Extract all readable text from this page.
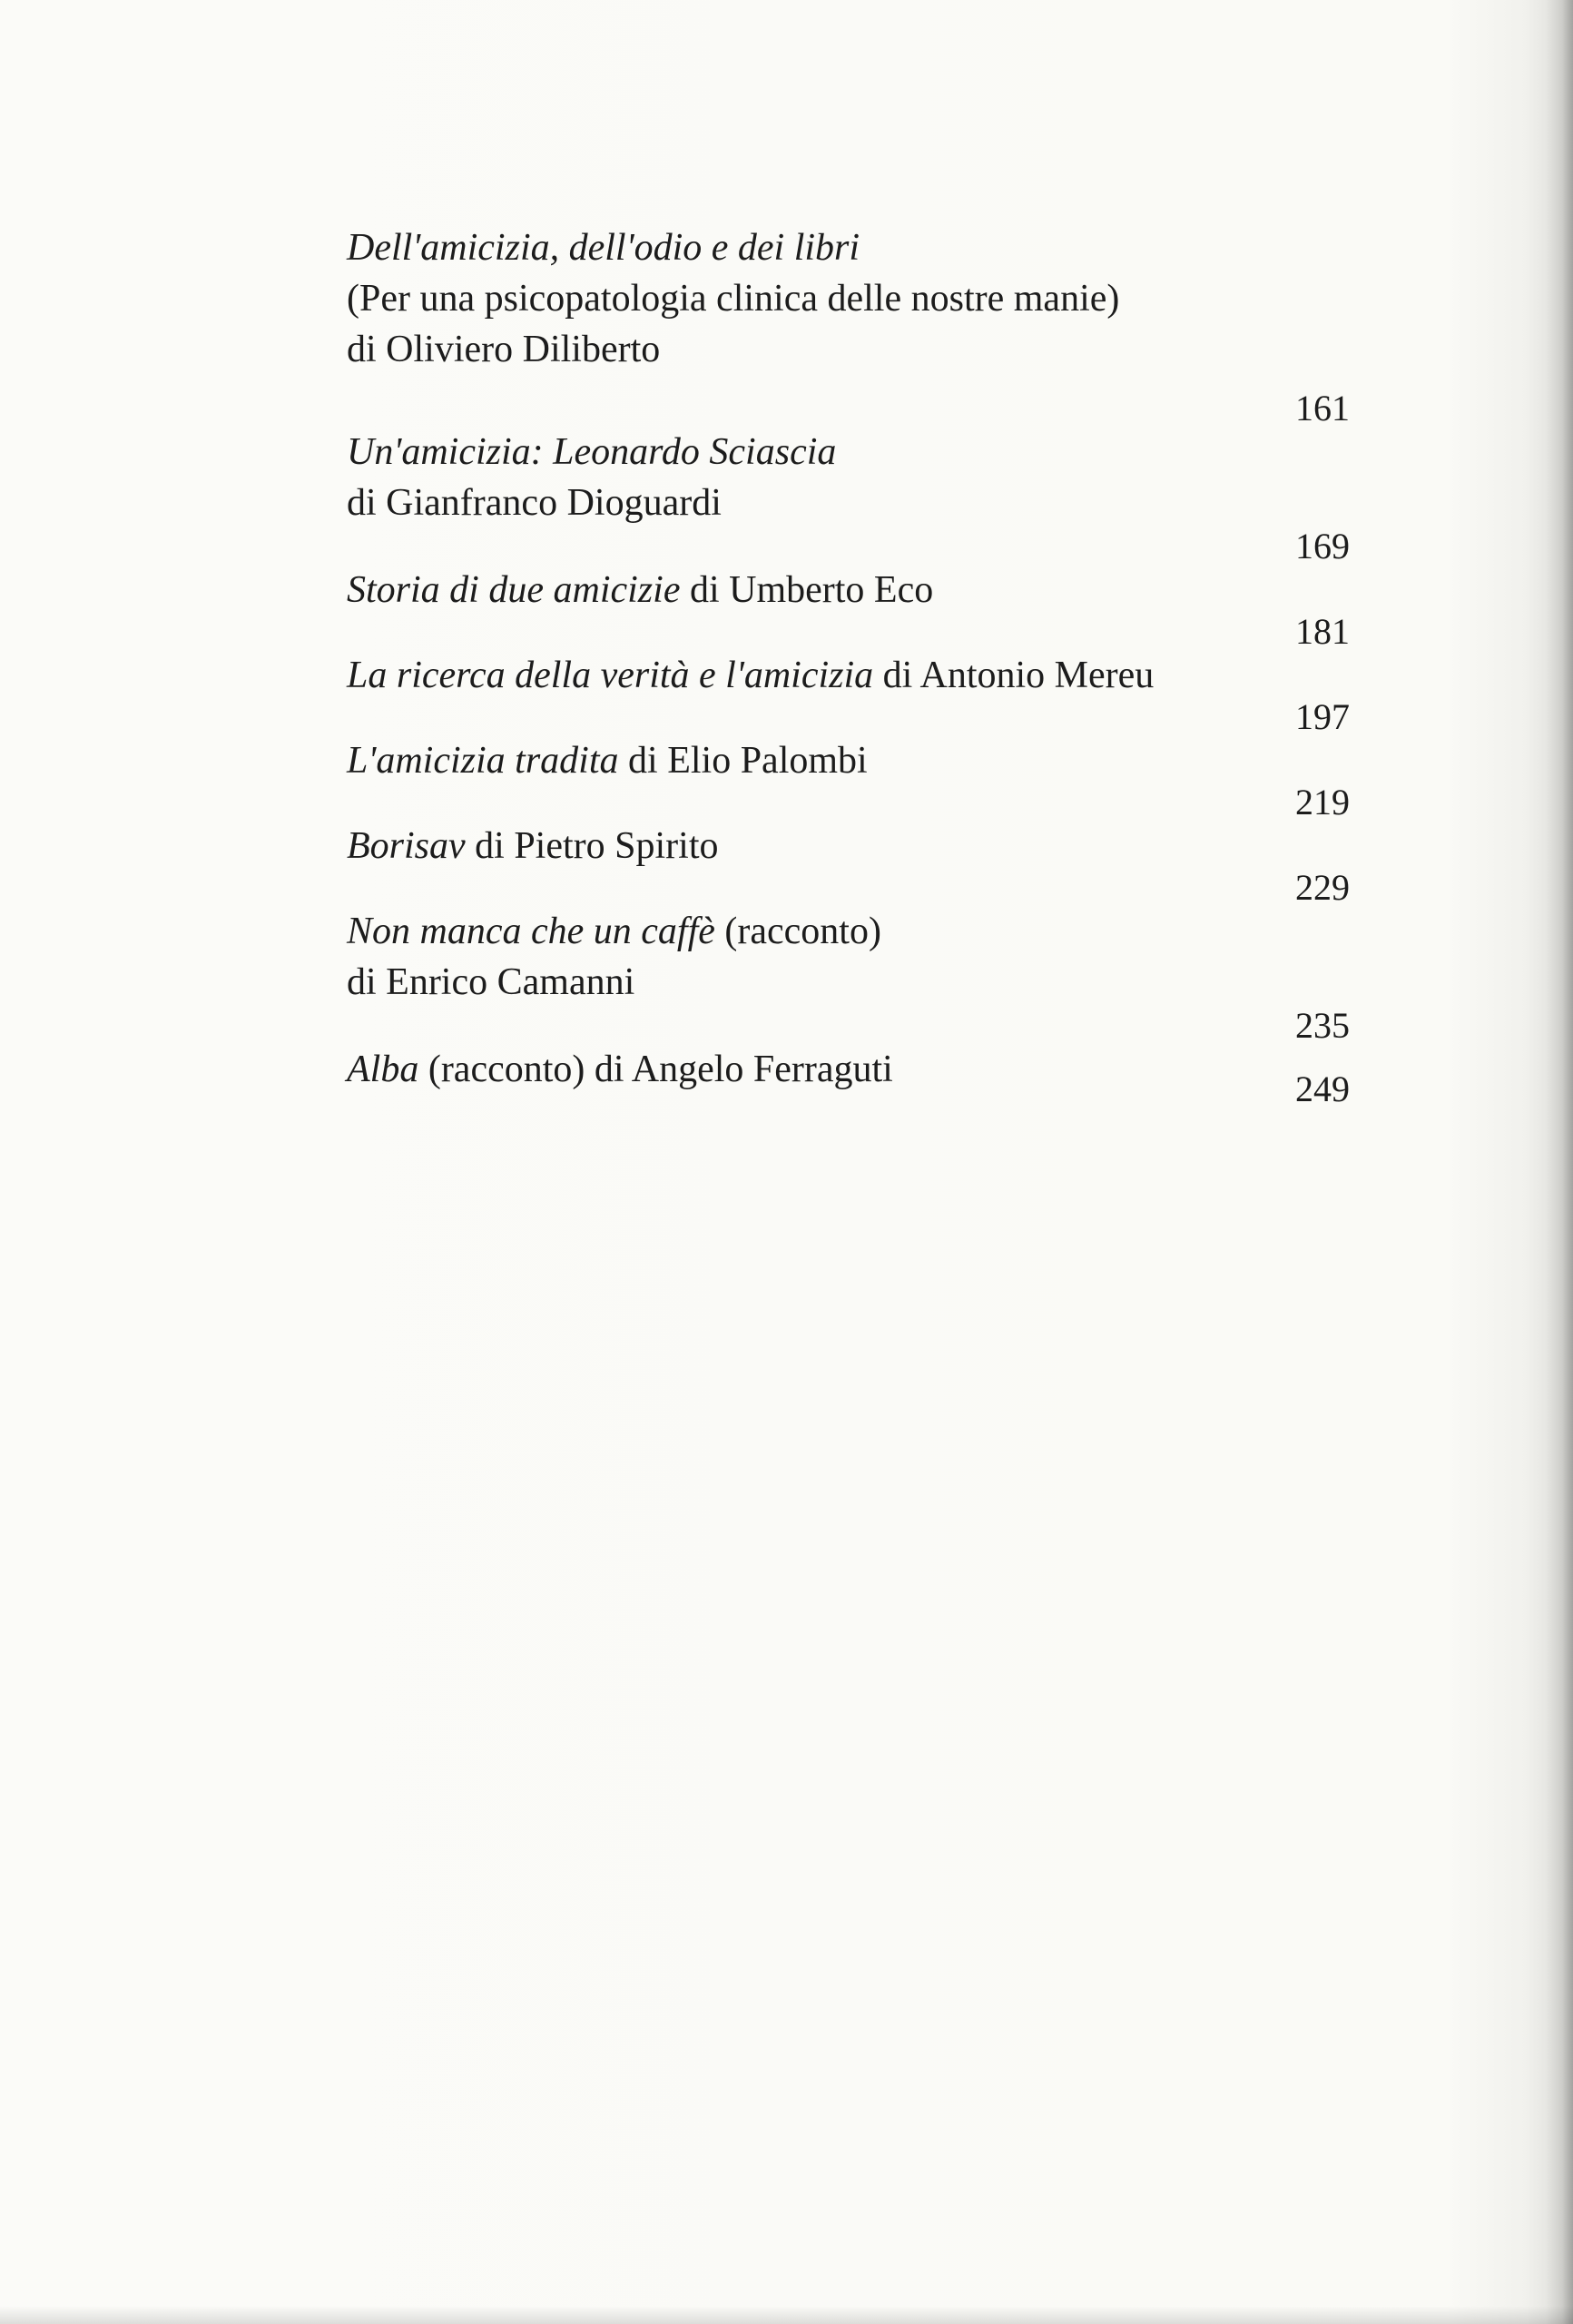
Dell'amicizia, dell'odio e dei libri
(Per una psicopatologia clinica delle nostre manie)
di Oliviero Diliberto
161
Un'amicizia: Leonardo Sciascia
di Gianfranco Dioguardi
169
Storia di due amicizie di Umberto Eco
181
La ricerca della verità e l'amicizia di Antonio Mereu
197
L'amicizia tradita di Elio Palombi
219
Borisav di Pietro Spirito
229
Non manca che un caffè (racconto)
di Enrico Camanni
235
Alba (racconto) di Angelo Ferraguti	249
